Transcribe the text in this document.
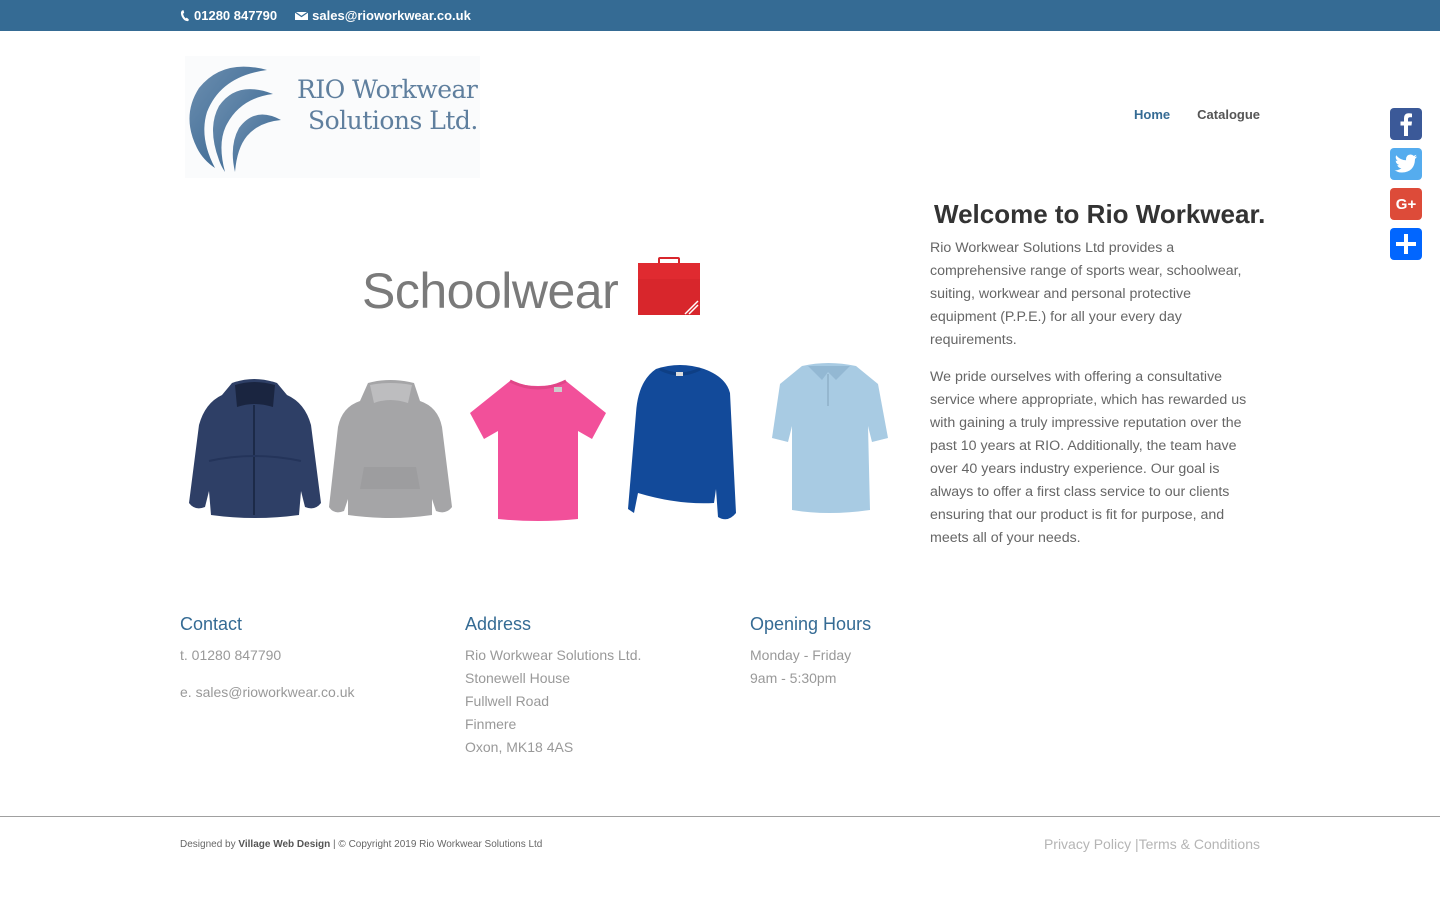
01280 847790	sales@rioworkwear.co.uk
RIO Workwear
Solutions Ltd.	Home Catalogue
G+
Schoolwear
Welcome to Rio Workwear.

Rio Workwear Solutions Ltd provides a comprehensive range of sports wear, schoolwear, suiting, workwear and personal protective equipment (P.P.E.) for all your every day requirements.

We pride ourselves with offering a consultative service where appropriate, which has rewarded us with gaining a truly impressive reputation over the past 10 years at RIO. Additionally, the team have over 40 years industry experience. Our goal is always to offer a first class service to our clients ensuring that our product is fit for purpose, and meets all of your needs.

Contact
t. 01280 847790
e. sales@rioworkwear.co.uk
Address
Rio Workwear Solutions Ltd.
Stonewell House
Fullwell Road
Finmere
Oxon, MK18 4AS
Opening Hours
Monday - Friday
9am - 5:30pm
Designed by Village Web Design | © Copyright 2019 Rio Workwear Solutions Ltd	Privacy Policy |Terms & Conditions
